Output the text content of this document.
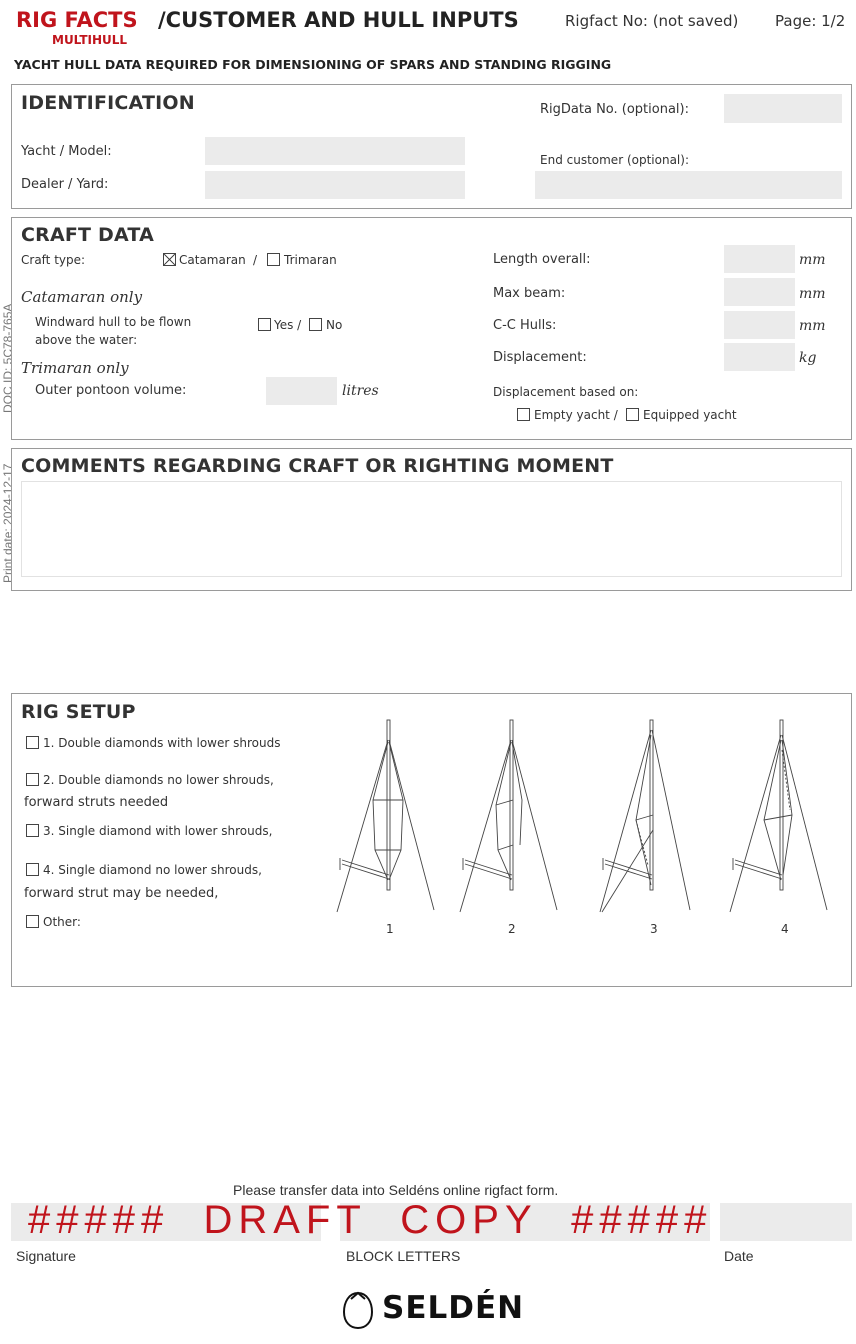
RIG FACTS
MULTIHULL
/CUSTOMER AND HULL INPUTS	Rigfact No: (not saved) Page: 1/2
YACHT HULL DATA REQUIRED FOR DIMENSIONING OF SPARS AND STANDING RIGGING
DOC ID: 5C78-765A
Print date: 2024-12-17
IDENTIFICATION	RigData No. (optional):
Yacht / Model:
Dealer / Yard:
End customer (optional):
CRAFT DATA
Craft type:	Catamaran / Trimaran
Catamaran only
Windward hull to be flown
above the water:
Yes / No
Trimaran only
Outer pontoon volume:	litres
Length overall:	mm
Max beam:	mm
C-C Hulls:	mm
Displacement:	kg
Displacement based on:
Empty yacht / Equipped yacht
COMMENTS REGARDING CRAFT OR RIGHTING MOMENT
RIG SETUP
1. Double diamonds with lower shrouds
2. Double diamonds no lower shrouds,
forward struts needed
3. Single diamond with lower shrouds,
4. Single diamond no lower shrouds,
forward strut may be needed,
Other:	1	2	3	4
Please transfer data into Seldéns online rigfact form.
#####  DRAFT  COPY  #####
Signature	BLOCK LETTERS	Date
SELDÉN
